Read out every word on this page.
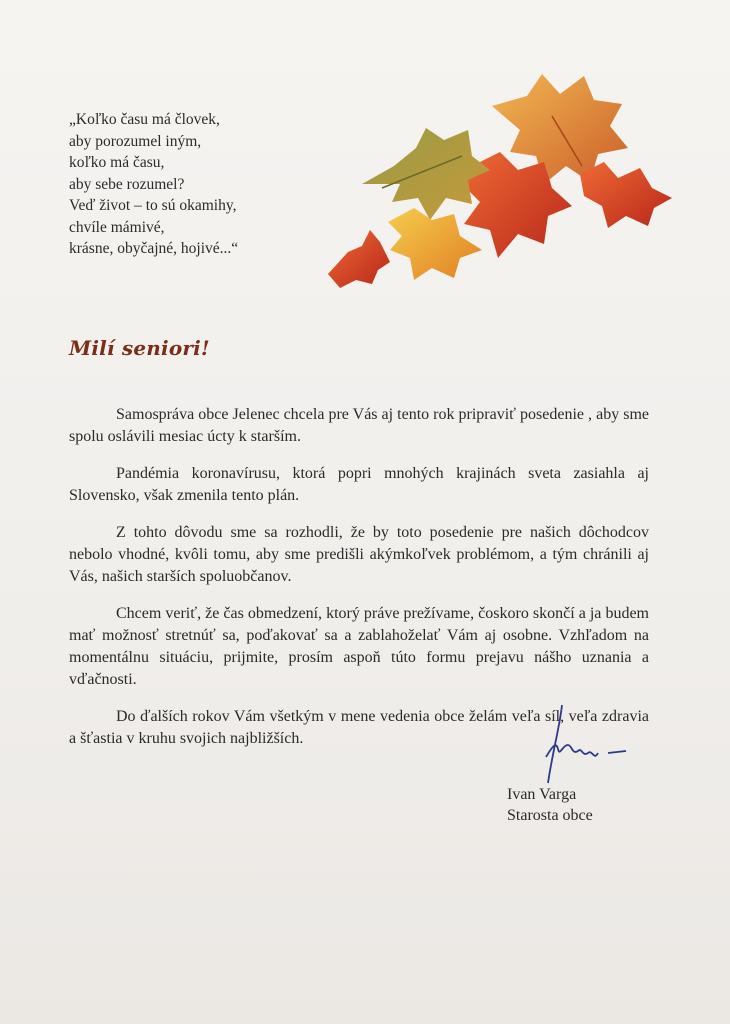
„Koľko času má človek,
aby porozumel iným,
koľko má času,
aby sebe rozumel?
Veď život – to sú okamihy,
chvíle mámivé,
krásne, obyčajné, hojivé...“
Milí seniori!

Samospráva obce Jelenec chcela pre Vás aj tento rok pripraviť posedenie , aby sme spolu oslávili mesiac úcty k starším.

Pandémia koronavírusu, ktorá popri mnohých krajinách sveta zasiahla aj Slovensko, však zmenila tento plán.

Z tohto dôvodu sme sa rozhodli, že by toto posedenie pre našich dôchodcov nebolo vhodné, kvôli tomu, aby sme predišli akýmkoľvek problémom, a tým chránili aj Vás, našich starších spoluobčanov.

Chcem veriť, že čas obmedzení, ktorý práve prežívame, čoskoro skončí a ja budem mať možnosť stretnúť sa, poďakovať sa a zablahoželať Vám aj osobne. Vzhľadom na momentálnu situáciu, prijmite, prosím aspoň túto formu prejavu nášho uznania a vďačnosti.

Do ďalších rokov Vám všetkým v mene vedenia obce želám veľa síl, veľa zdravia a šťastia v kruhu svojich najbližších.

Ivan Varga
Starosta obce
